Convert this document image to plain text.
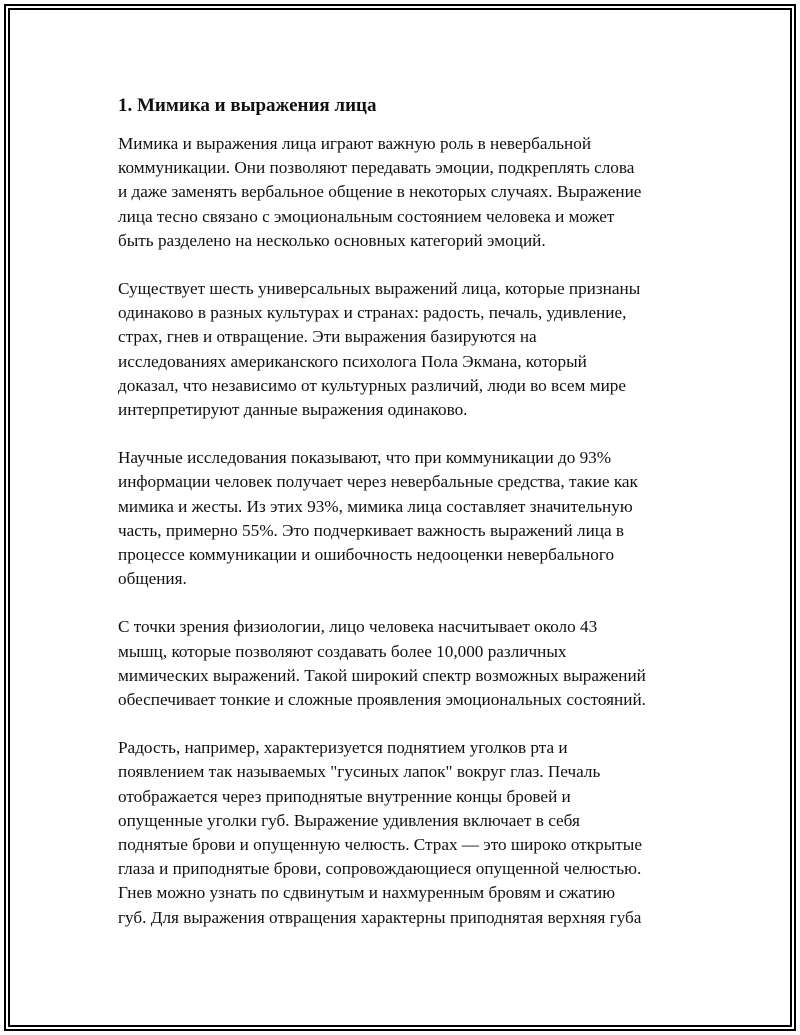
1. Мимика и выражения лица

Мимика и выражения лица играют важную роль в невербальной
коммуникации. Они позволяют передавать эмоции, подкреплять слова
и даже заменять вербальное общение в некоторых случаях. Выражение
лица тесно связано с эмоциональным состоянием человека и может
быть разделено на несколько основных категорий эмоций.

Существует шесть универсальных выражений лица, которые признаны
одинаково в разных культурах и странах: радость, печаль, удивление,
страх, гнев и отвращение. Эти выражения базируются на
исследованиях американского психолога Пола Экмана, который
доказал, что независимо от культурных различий, люди во всем мире
интерпретируют данные выражения одинаково.

Научные исследования показывают, что при коммуникации до 93%
информации человек получает через невербальные средства, такие как
мимика и жесты. Из этих 93%, мимика лица составляет значительную
часть, примерно 55%. Это подчеркивает важность выражений лица в
процессе коммуникации и ошибочность недооценки невербального
общения.

С точки зрения физиологии, лицо человека насчитывает около 43
мышц, которые позволяют создавать более 10,000 различных
мимических выражений. Такой широкий спектр возможных выражений
обеспечивает тонкие и сложные проявления эмоциональных состояний.

Радость, например, характеризуется поднятием уголков рта и
появлением так называемых "гусиных лапок" вокруг глаз. Печаль
отображается через приподнятые внутренние концы бровей и
опущенные уголки губ. Выражение удивления включает в себя
поднятые брови и опущенную челюсть. Страх — это широко открытые
глаза и приподнятые брови, сопровождающиеся опущенной челюстью.
Гнев можно узнать по сдвинутым и нахмуренным бровям и сжатию
губ. Для выражения отвращения характерны приподнятая верхняя губа
